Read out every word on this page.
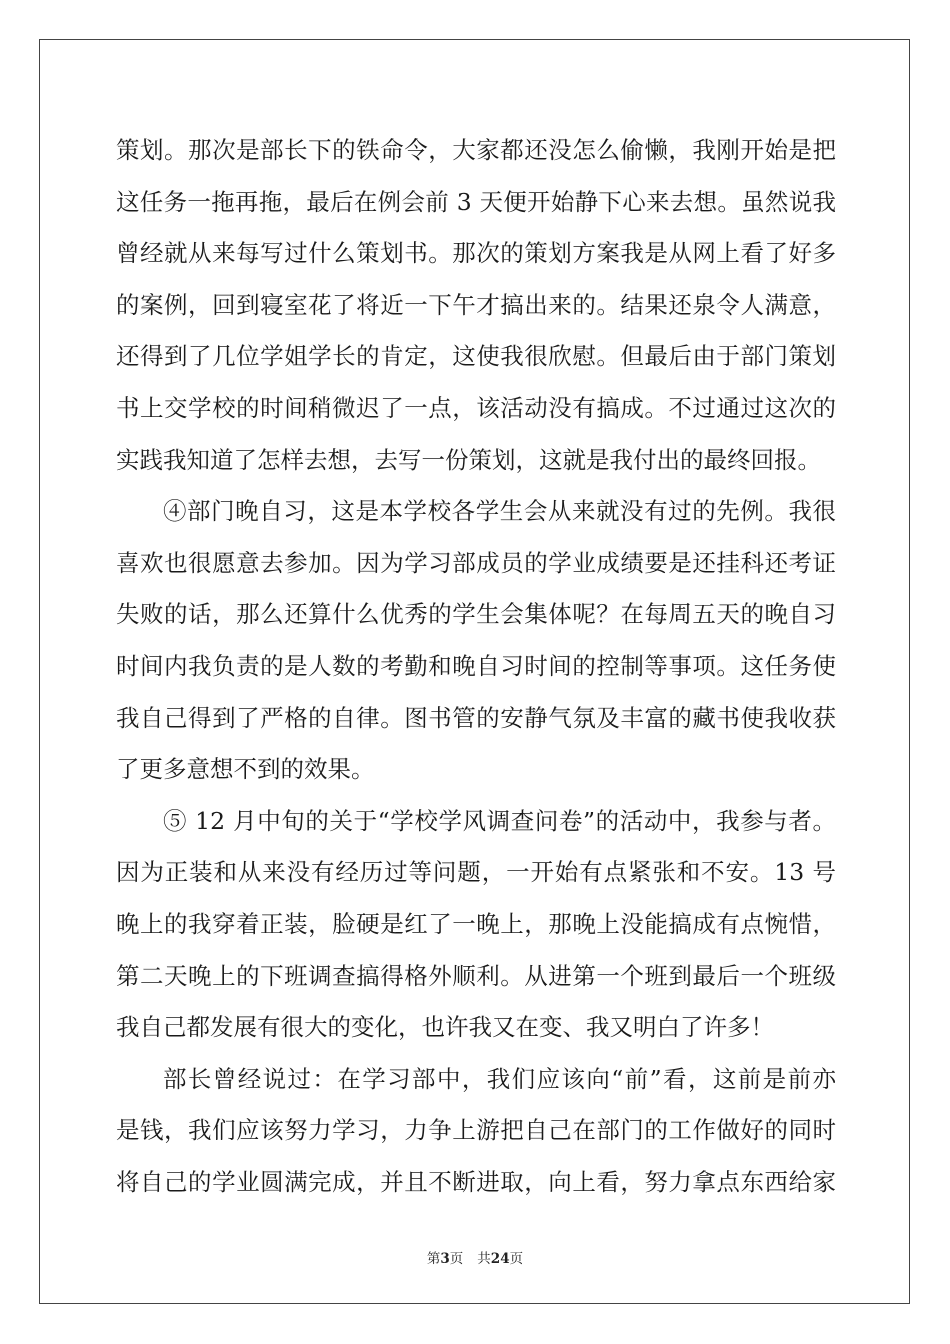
策划。那次是部长下的铁命令，大家都还没怎么偷懒，我刚开始是把
这任务一拖再拖，最后在例会前 3 天便开始静下心来去想。虽然说我
曾经就从来每写过什么策划书。那次的策划方案我是从网上看了好多
的案例，回到寝室花了将近一下午才搞出来的。结果还泉令人满意，
还得到了几位学姐学长的肯定，这使我很欣慰。但最后由于部门策划
书上交学校的时间稍微迟了一点，该活动没有搞成。不过通过这次的
实践我知道了怎样去想，去写一份策划，这就是我付出的最终回报。
④部门晚自习，这是本学校各学生会从来就没有过的先例。我很
喜欢也很愿意去参加。因为学习部成员的学业成绩要是还挂科还考证
失败的话，那么还算什么优秀的学生会集体呢？在每周五天的晚自习
时间内我负责的是人数的考勤和晚自习时间的控制等事项。这任务使
我自己得到了严格的自律。图书管的安静气氛及丰富的藏书使我收获
了更多意想不到的效果。
⑤ 12 月中旬的关于“学校学风调查问卷”的活动中，我参与者。
因为正装和从来没有经历过等问题，一开始有点紧张和不安。13 号
晚上的我穿着正装，脸硬是红了一晚上，那晚上没能搞成有点惋惜，
第二天晚上的下班调查搞得格外顺利。从进第一个班到最后一个班级
我自己都发展有很大的变化，也许我又在变、我又明白了许多！
部长曾经说过：在学习部中，我们应该向“前”看，这前是前亦
是钱，我们应该努力学习，力争上游把自己在部门的工作做好的同时
将自己的学业圆满完成，并且不断进取，向上看，努力拿点东西给家
第3页 共24页
